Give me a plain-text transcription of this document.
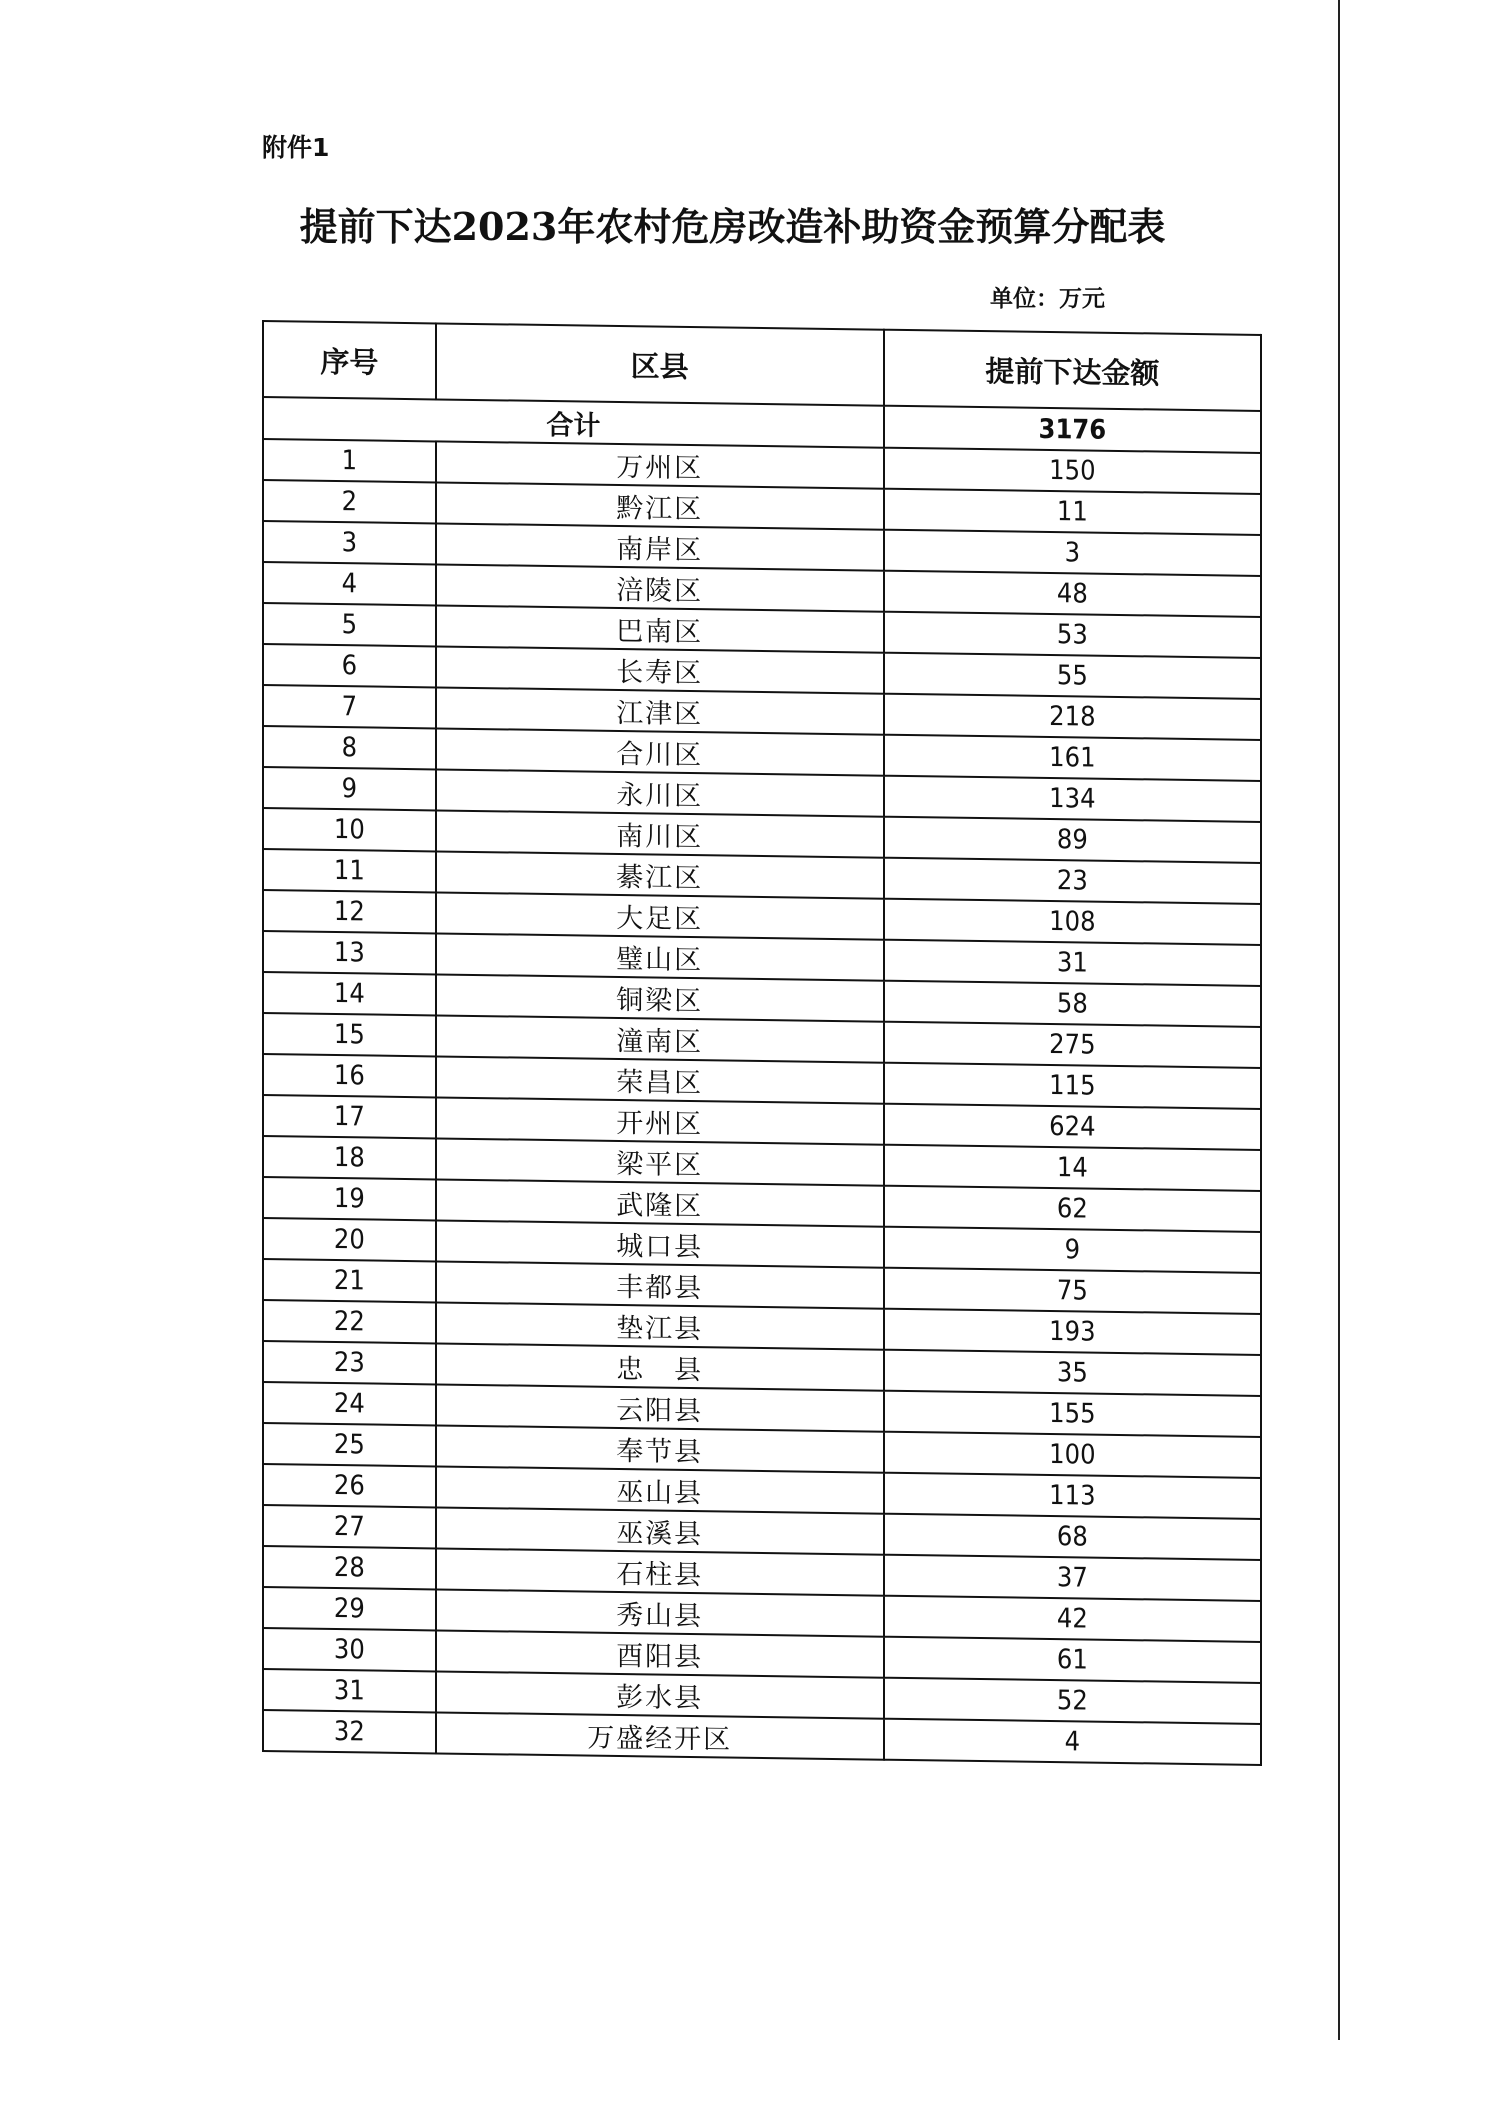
附件1
提前下达2023年农村危房改造补助资金预算分配表
单位：万元
序号	区县	提前下达金额
合计		3176
1	万州区	150
2	黔江区	11
3	南岸区	3
4	涪陵区	48
5	巴南区	53
6	长寿区	55
7	江津区	218
8	合川区	161
9	永川区	134
10	南川区	89
11	綦江区	23
12	大足区	108
13	璧山区	31
14	铜梁区	58
15	潼南区	275
16	荣昌区	115
17	开州区	624
18	梁平区	14
19	武隆区	62
20	城口县	9
21	丰都县	75
22	垫江县	193
23	忠　县	35
24	云阳县	155
25	奉节县	100
26	巫山县	113
27	巫溪县	68
28	石柱县	37
29	秀山县	42
30	酉阳县	61
31	彭水县	52
32	万盛经开区	4
